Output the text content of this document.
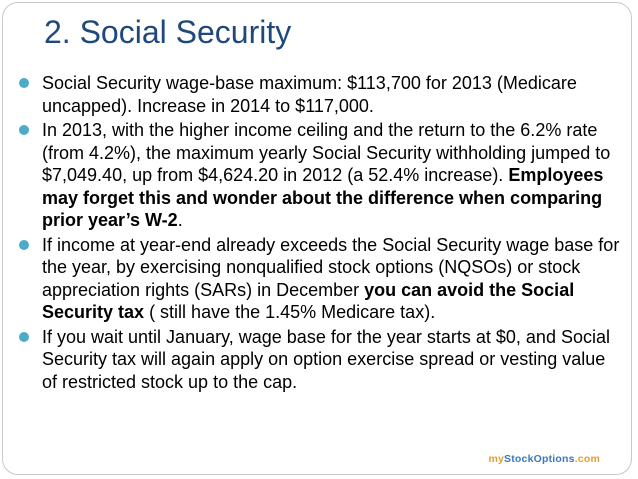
2. Social Security
Social Security wage-base maximum: $113,700 for 2013 (Medicare uncapped). Increase in 2014 to $117,000.
In 2013, with the higher income ceiling and the return to the 6.2% rate (from 4.2%), the maximum yearly Social Security withholding jumped to $7,049.40, up from $4,624.20 in 2012 (a 52.4% increase). Employees may forget this and wonder about the difference when comparing prior year’s W-2.
If income at year-end already exceeds the Social Security wage base for the year, by exercising nonqualified stock options (NQSOs) or stock appreciation rights (SARs) in December you can avoid the Social Security tax ( still have the 1.45% Medicare tax).
If you wait until January, wage base for the year starts at $0, and Social Security tax will again apply on option exercise spread or vesting value of restricted stock up to the cap.
myStockOptions.com
